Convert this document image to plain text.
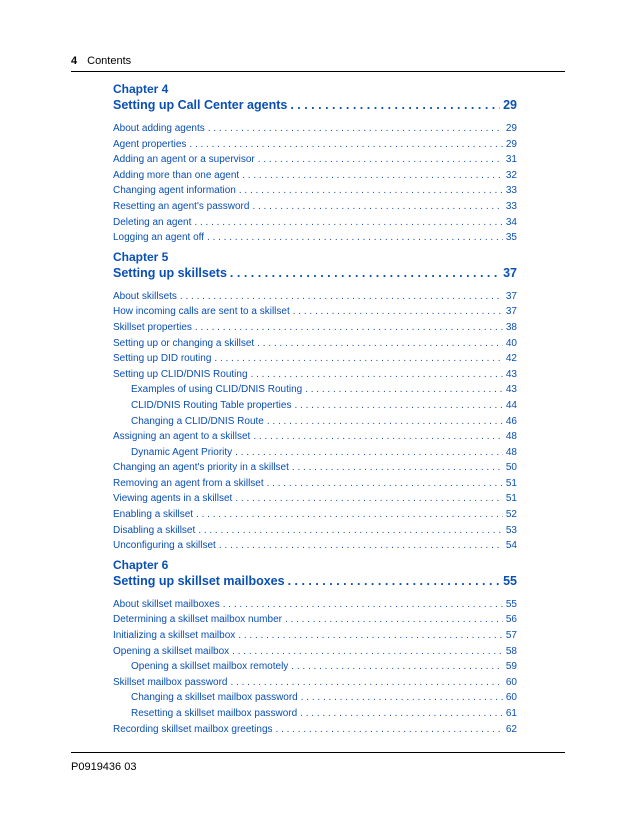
4 Contents
Chapter 4
Setting up Call Center agents . . .	29
About adding agents . . .	29
Agent properties . . .	29
Adding an agent or a supervisor . . .	31
Adding more than one agent . . .	32
Changing agent information . . .	33
Resetting an agent's password . . .	33
Deleting an agent . . .	34
Logging an agent off . . .	35
Chapter 5
Setting up skillsets . . .	37
About skillsets . . .	37
How incoming calls are sent to a skillset . . .	37
Skillset properties . . .	38
Setting up or changing a skillset . . .	40
Setting up DID routing . . .	42
Setting up CLID/DNIS Routing . . .	43
Examples of using CLID/DNIS Routing . . .	43
CLID/DNIS Routing Table properties . . .	44
Changing a CLID/DNIS Route . . .	46
Assigning an agent to a skillset . . .	48
Dynamic Agent Priority . . .	48
Changing an agent's priority in a skillset . . .	50
Removing an agent from a skillset . . .	51
Viewing agents in a skillset . . .	51
Enabling a skillset . . .	52
Disabling a skillset . . .	53
Unconfiguring a skillset . . .	54
Chapter 6
Setting up skillset mailboxes . . .	55
About skillset mailboxes . . .	55
Determining a skillset mailbox number . . .	56
Initializing a skillset mailbox . . .	57
Opening a skillset mailbox . . .	58
Opening a skillset mailbox remotely . . .	59
Skillset mailbox password . . .	60
Changing a skillset mailbox password . . .	60
Resetting a skillset mailbox password . . .	61
Recording skillset mailbox greetings . . .	62
P0919436 03
